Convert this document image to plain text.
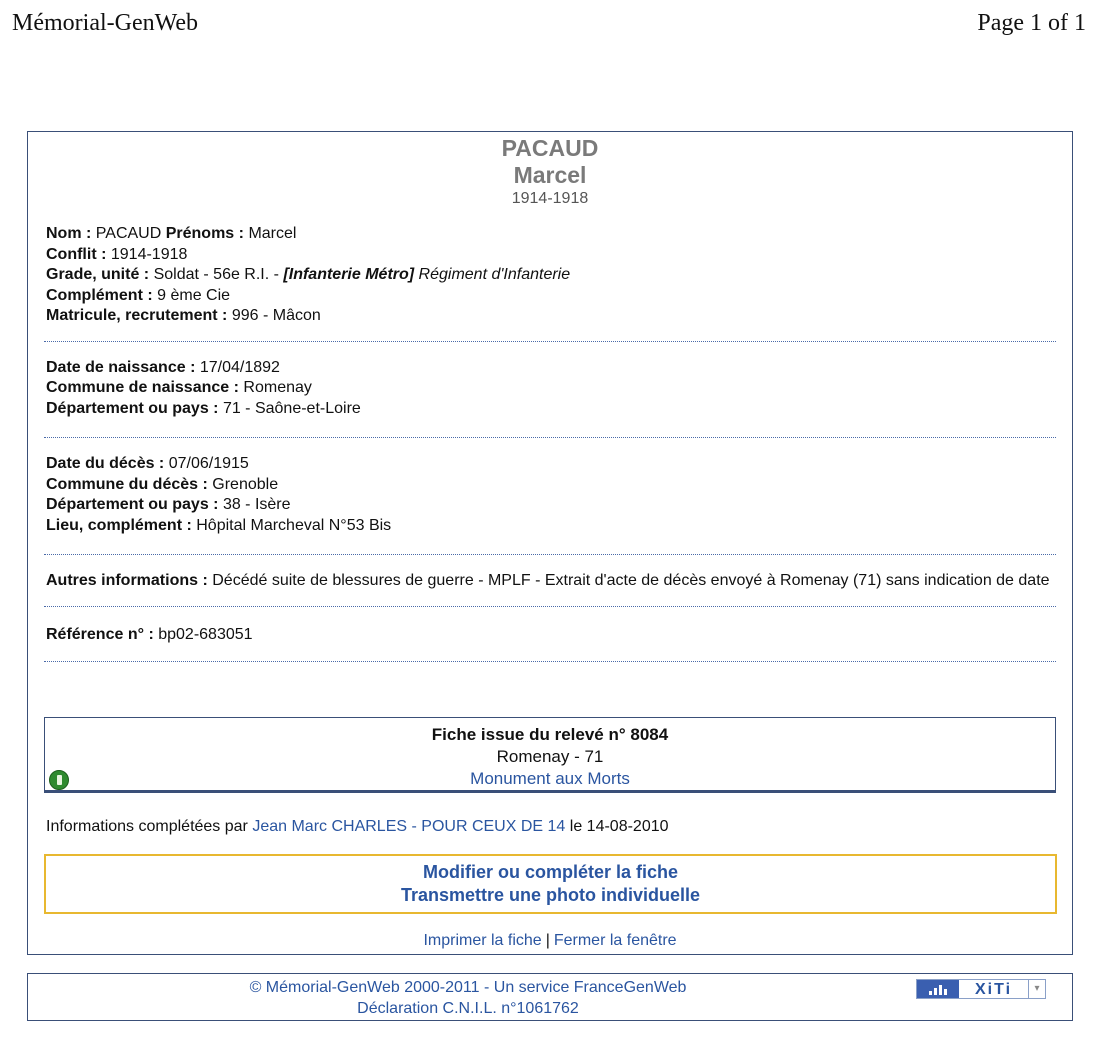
Mémorial-GenWeb	Page 1 of 1
PACAUD
Marcel
1914-1918
Nom : PACAUD Prénoms : Marcel
Conflit : 1914-1918
Grade, unité : Soldat - 56e R.I. - [Infanterie Métro] Régiment d'Infanterie
Complément : 9 ème Cie
Matricule, recrutement : 996 - Mâcon
Date de naissance : 17/04/1892
Commune de naissance : Romenay
Département ou pays : 71 - Saône-et-Loire
Date du décès : 07/06/1915
Commune du décès : Grenoble
Département ou pays : 38 - Isère
Lieu, complément : Hôpital Marcheval N°53 Bis
Autres informations : Décédé suite de blessures de guerre - MPLF - Extrait d'acte de décès envoyé à Romenay (71) sans indication de date
Référence n° : bp02-683051
Fiche issue du relevé n° 8084
Romenay - 71
Monument aux Morts
Informations complétées par Jean Marc CHARLES - POUR CEUX DE 14 le 14-08-2010
Modifier ou compléter la fiche
Transmettre une photo individuelle
Imprimer la fiche | Fermer la fenêtre
© Mémorial-GenWeb 2000-2011 - Un service FranceGenWeb
Déclaration C.N.I.L. n°1061762
XiTi	▾
